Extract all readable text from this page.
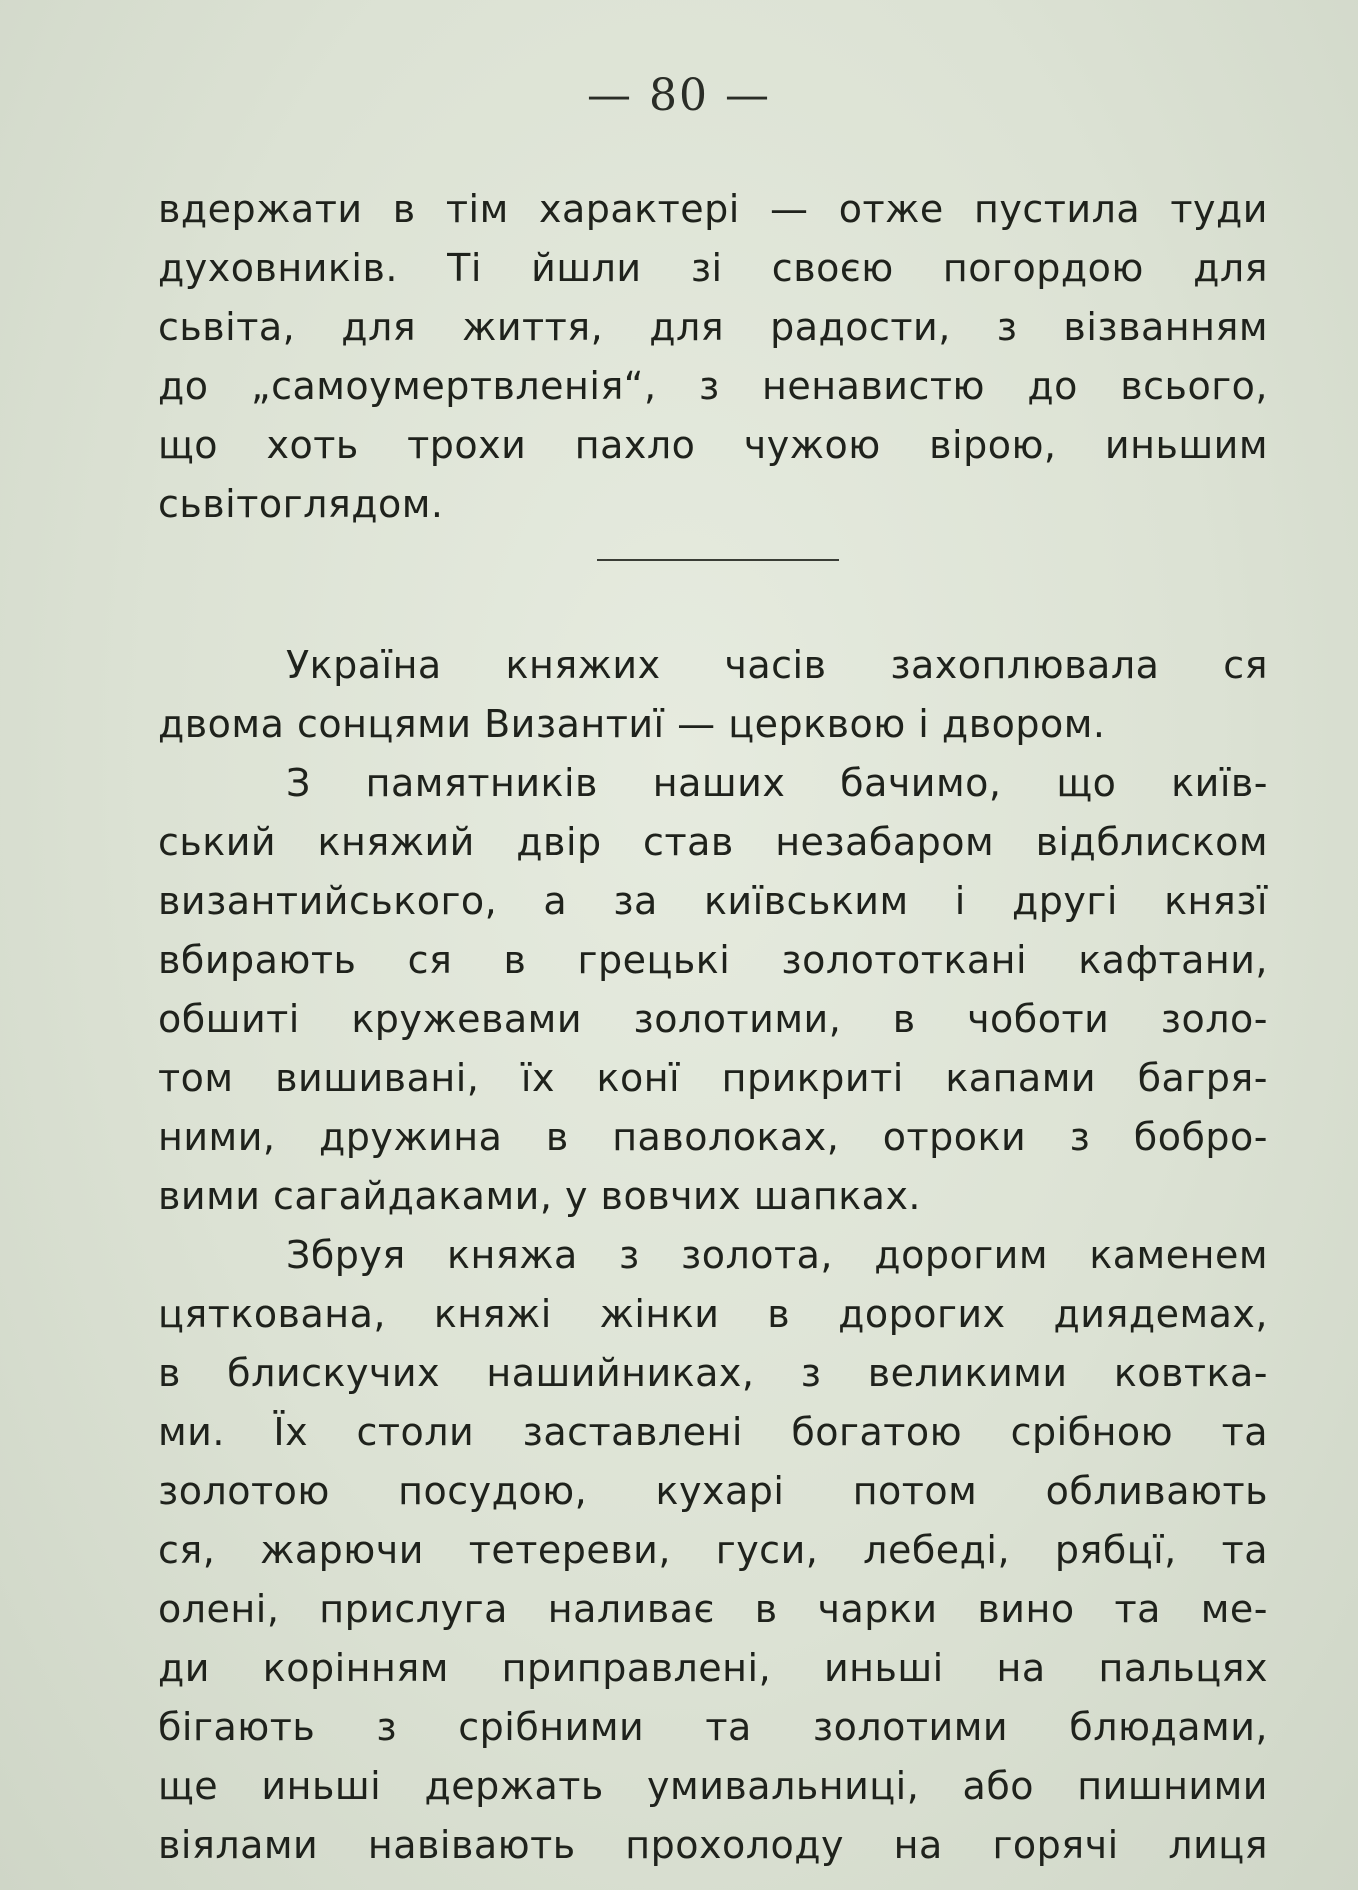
— 80 —
вдержати в тім характері — отже пустила туди
духовників. Ті йшли зі своєю погордою для
сьвіта, для життя, для радости, з візванням
до „самоумертвленія“, з ненавистю до всього,
що хоть трохи пахло чужою вірою, иньшим
сьвітоглядом.
Україна княжих часів захоплювала ся
двома сонцями Византиї — церквою і двором.
З памятників наших бачимо, що київ-
ський княжий двір став незабаром відблиском
византийського, а за київським і другі князї
вбирають ся в грецькі золототкані кафтани,
обшиті кружевами золотими, в чоботи золо-
том вишивані, їх конї прикриті капами багря-
ними, дружина в паволоках, отроки з бобро-
вими сагайдаками, у вовчих шапках.
Збруя княжа з золота, дорогим каменем
цяткована, княжі жінки в дорогих диядемах,
в блискучих нашийниках, з великими ковтка-
ми. Їх столи заставлені богатою срібною та
золотою посудою, кухарі потом обливають
ся, жарючи тетереви, гуси, лебеді, рябцї, та
олені, прислуга наливає в чарки вино та ме-
ди корінням приправлені, иньші на пальцях
бігають з срібними та золотими блюдами,
ще иньші держать умивальниці, або пишними
віялами навівають прохолоду на горячі лиця
